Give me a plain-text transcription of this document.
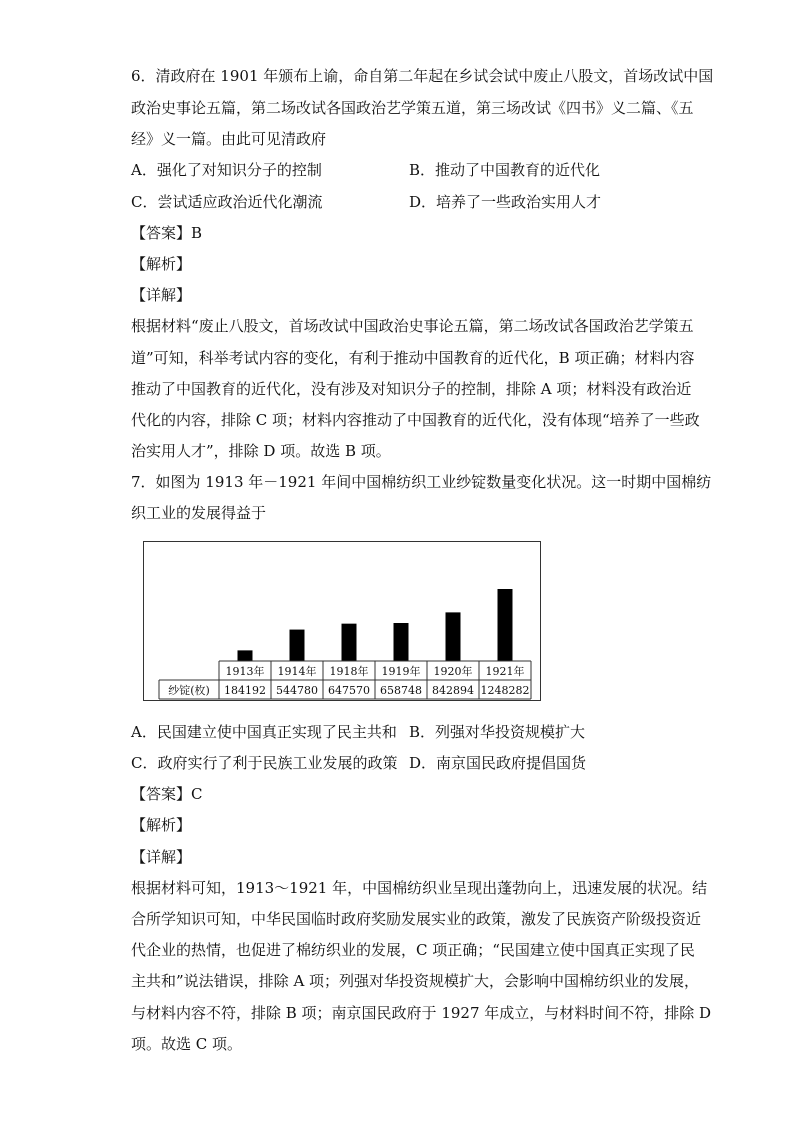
6．清政府在 1901 年颁布上谕，命自第二年起在乡试会试中废止八股文，首场改试中国
政治史事论五篇，第二场改试各国政治艺学策五道，第三场改试《四书》义二篇、《五
经》义一篇。由此可见清政府
A．强化了对知识分子的控制	B．推动了中国教育的近代化
C．尝试适应政治近代化潮流	D．培养了一些政治实用人才
【答案】B
【解析】
【详解】
根据材料“废止八股文，首场改试中国政治史事论五篇，第二场改试各国政治艺学策五
道”可知，科举考试内容的变化，有利于推动中国教育的近代化，B 项正确；材料内容
推动了中国教育的近代化，没有涉及对知识分子的控制，排除 A 项；材料没有政治近
代化的内容，排除 C 项；材料内容推动了中国教育的近代化，没有体现“培养了一些政
治实用人才”，排除 D 项。故选 B 项。
7．如图为 1913 年－1921 年间中国棉纺织工业纱锭数量变化状况。这一时期中国棉纺
织工业的发展得益于
纱锭(枚)
1913年
184192
1914年
544780
1918年
647570
1919年
658748
1920年
842894
1921年
1248282
A．民国建立使中国真正实现了民主共和 B．列强对华投资规模扩大
C．政府实行了利于民族工业发展的政策 D．南京国民政府提倡国货
【答案】C
【解析】
【详解】
根据材料可知，1913～1921 年，中国棉纺织业呈现出蓬勃向上，迅速发展的状况。结
合所学知识可知，中华民国临时政府奖励发展实业的政策，激发了民族资产阶级投资近
代企业的热情，也促进了棉纺织业的发展，C 项正确；“民国建立使中国真正实现了民
主共和”说法错误，排除 A 项；列强对华投资规模扩大，会影响中国棉纺织业的发展，
与材料内容不符，排除 B 项；南京国民政府于 1927 年成立，与材料时间不符，排除 D
项。故选 C 项。
